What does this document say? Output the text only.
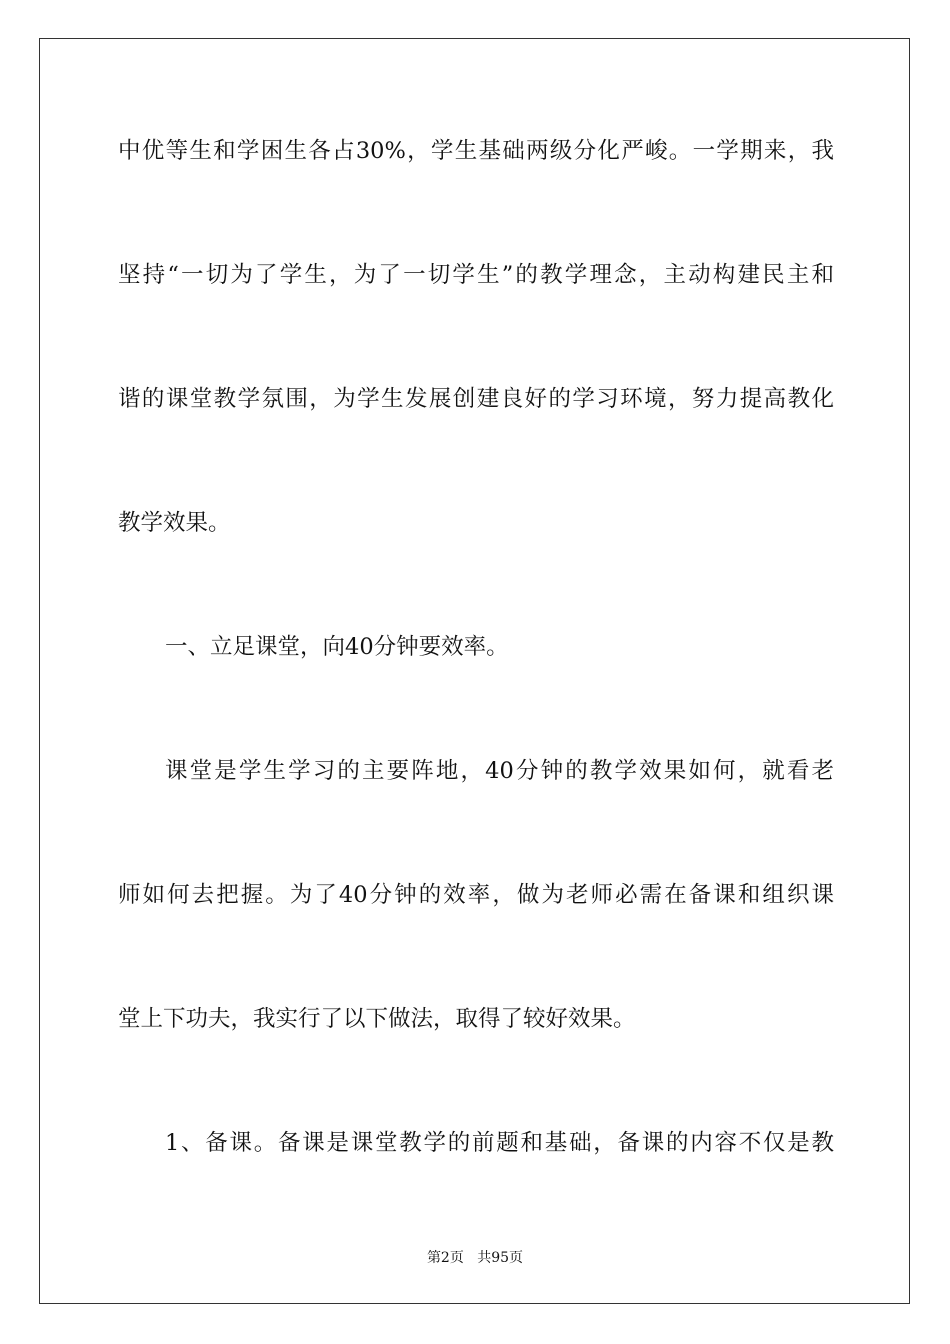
中优等生和学困生各占30%，学生基础两级分化严峻。一学期来，我
坚持“一切为了学生，为了一切学生”的教学理念，主动构建民主和
谐的课堂教学氛围，为学生发展创建良好的学习环境，努力提高教化
教学效果。
一、立足课堂，向40分钟要效率。
课堂是学生学习的主要阵地，40分钟的教学效果如何，就看老
师如何去把握。为了40分钟的效率，做为老师必需在备课和组织课
堂上下功夫，我实行了以下做法，取得了较好效果。
1、备课。备课是课堂教学的前题和基础，备课的内容不仅是教
第2页 共95页
